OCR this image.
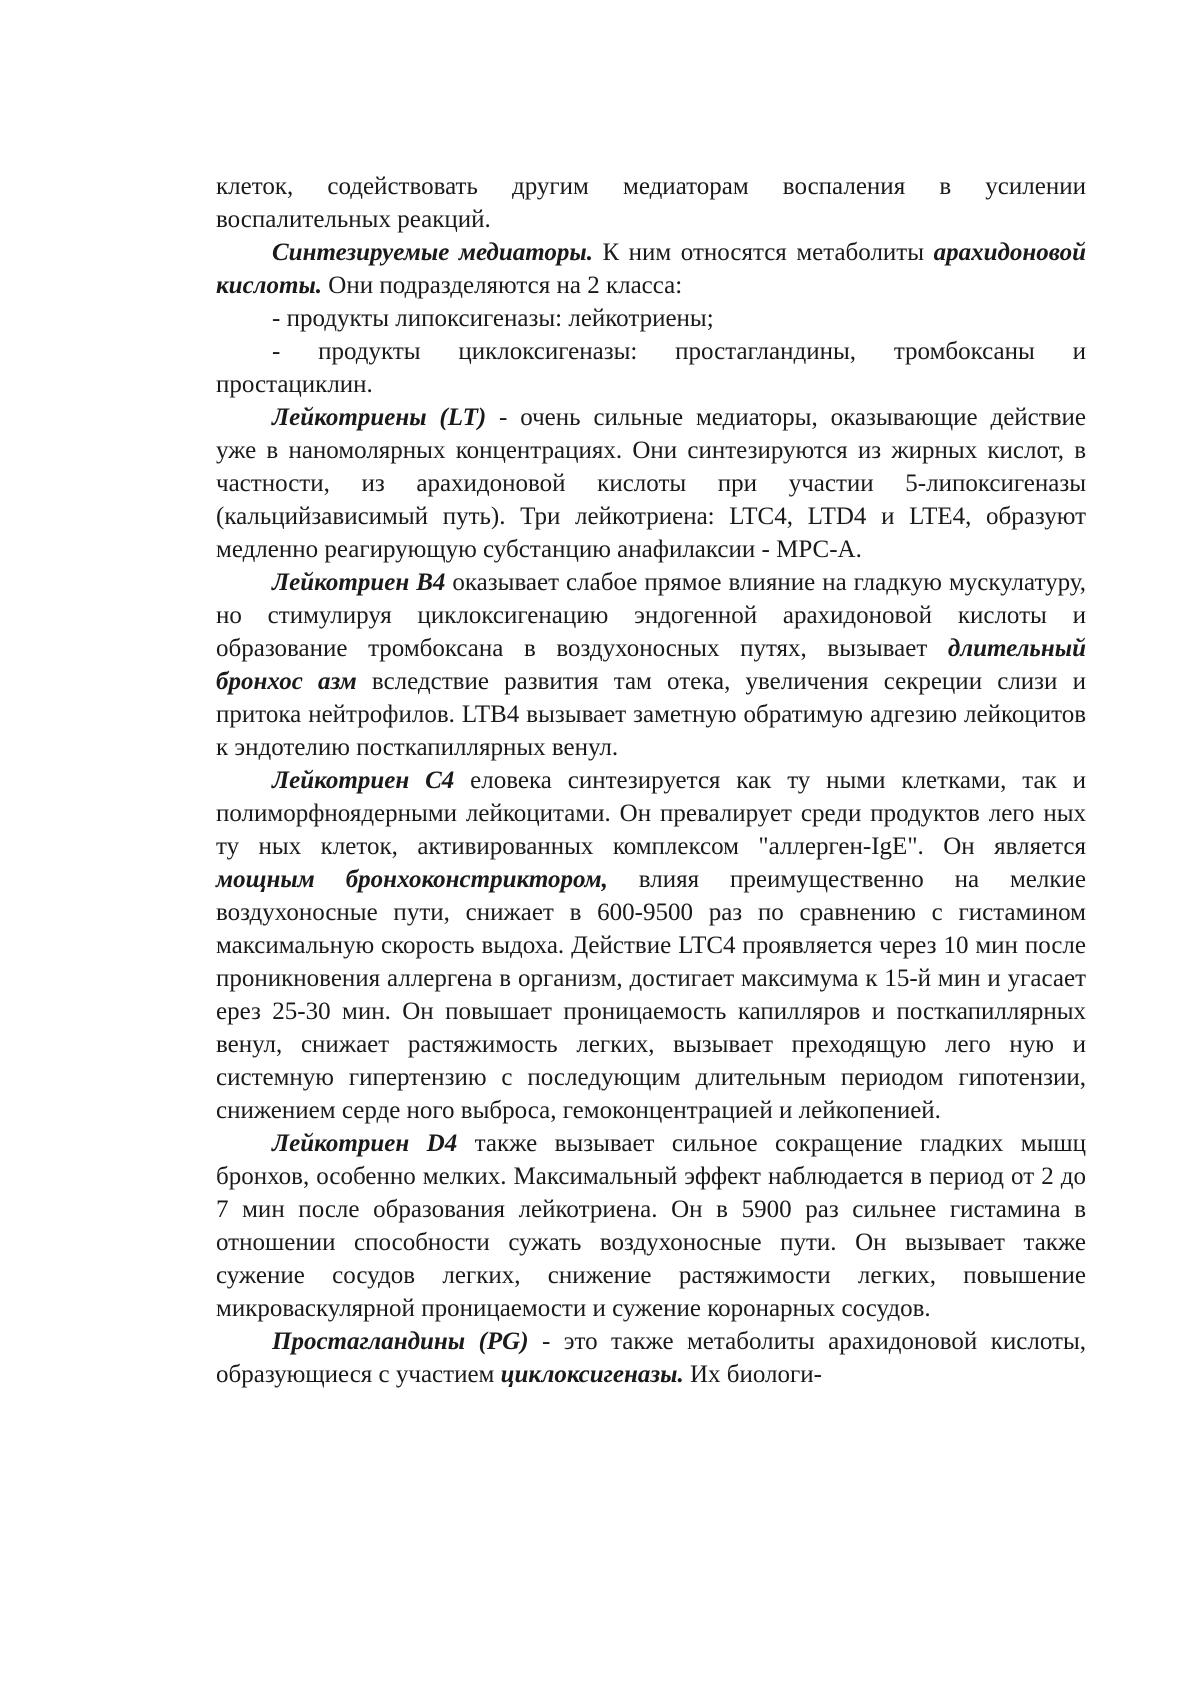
клеток, содействовать другим медиаторам воспаления в усилении воспалительных реакций.

Синтезируемые медиаторы. К ним относятся метаболиты арахидоновой кислоты. Они подразделяются на 2 класса:

- продукты липоксигеназы: лейкотриены;

- продукты циклоксигеназы: простагландины, тромбоксаны и простациклин.

Лейкотриены (LT) - очень сильные медиаторы, оказывающие действие уже в наномолярных концентрациях. Они синтезируются из жирных кислот, в частности, из арахидоновой кислоты при участии 5-липоксигеназы (кальцийзависимый путь). Три лейкотриена: LTC4, LTD4 и LTE4, образуют медленно реагирующую субстанцию анафилаксии - МРС-А.

Лейкотриен В4 оказывает слабое прямое влияние на гладкую мускулатуру, но стимулируя циклоксигенацию эндогенной арахидоновой кислоты и образование тромбоксана в воздухоносных путях, вызывает длительный бронхос азм вследствие развития там отека, увеличения секреции слизи и притока нейтрофилов. LTB4 вызывает заметную обратимую адгезию лейкоцитов к эндотелию посткапиллярных венул.

Лейкотриен С4 еловека синтезируется как ту ными клетками, так и полиморфноядерными лейкоцитами. Он превалирует среди продуктов лего ных ту ных клеток, активированных комплексом "аллерген-IgE". Он является мощным бронхоконстриктором, влияя преимущественно на мелкие воздухоносные пути, снижает в 600-9500 раз по сравнению с гистамином максимальную скорость выдоха. Действие LTC4 проявляется через 10 мин после проникновения аллергена в организм, достигает максимума к 15-й мин и угасает ерез 25-30 мин. Он повышает проницаемость капилляров и посткапиллярных венул, снижает растяжимость легких, вызывает преходящую лего ную и системную гипертензию с последующим длительным периодом гипотензии, снижением серде ного выброса, гемоконцентрацией и лейкопенией.

Лейкотриен D4 также вызывает сильное сокращение гладких мышц бронхов, особенно мелких. Максимальный эффект наблюдается в период от 2 до 7 мин после образования лейкотриена. Он в 5900 раз сильнее гистамина в отношении способности сужать воздухоносные пути. Он вызывает также сужение сосудов легких, снижение растяжимости легких, повышение микроваскулярной проницаемости и сужение коронарных сосудов.

Простагландины (PG) - это также метаболиты арахидоновой кислоты, образующиеся с участием циклоксигеназы. Их биологи-
